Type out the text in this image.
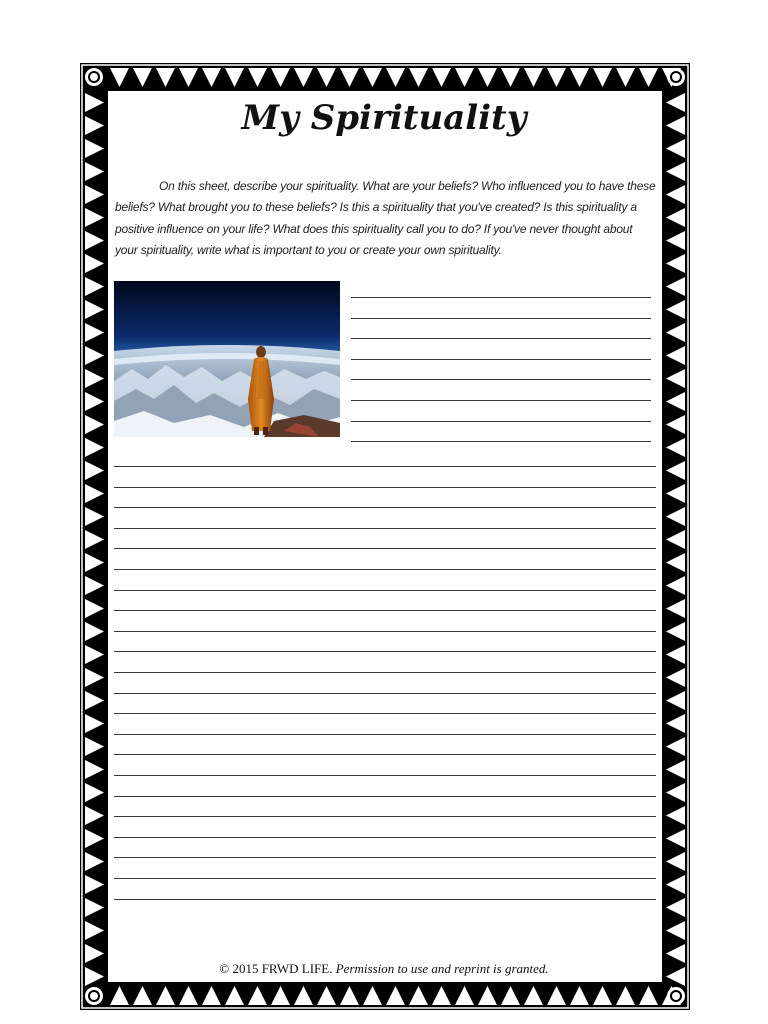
My Spirituality

On this sheet, describe your spirituality. What are your beliefs? Who influenced you to have these beliefs? What brought you to these beliefs? Is this a spirituality that you've created? Is this spirituality a positive influence on your life? What does this spirituality call you to do? If you've never thought about your spirituality, write what is important to you or create your own spirituality.

© 2015 FRWD LIFE. Permission to use and reprint is granted.
